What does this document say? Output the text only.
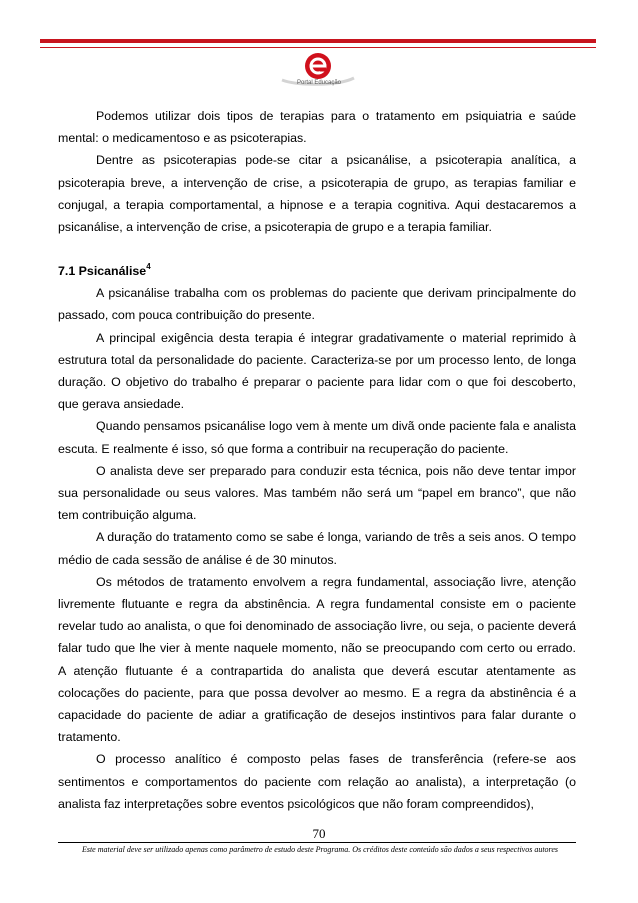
Portal Educação

Podemos utilizar dois tipos de terapias para o tratamento em psiquiatria e saúde mental: o medicamentoso e as psicoterapias.

Dentre as psicoterapias pode-se citar a psicanálise, a psicoterapia analítica, a psicoterapia breve, a intervenção de crise, a psicoterapia de grupo, as terapias familiar e conjugal, a terapia comportamental, a hipnose e a terapia cognitiva. Aqui destacaremos a psicanálise, a intervenção de crise, a psicoterapia de grupo e a terapia familiar.

7.1 Psicanálise$^4$

A psicanálise trabalha com os problemas do paciente que derivam principalmente do passado, com pouca contribuição do presente.

A principal exigência desta terapia é integrar gradativamente o material reprimido à estrutura total da personalidade do paciente. Caracteriza-se por um processo lento, de longa duração. O objetivo do trabalho é preparar o paciente para lidar com o que foi descoberto, que gerava ansiedade.

Quando pensamos psicanálise logo vem à mente um divã onde paciente fala e analista escuta. E realmente é isso, só que forma a contribuir na recuperação do paciente.

O analista deve ser preparado para conduzir esta técnica, pois não deve tentar impor sua personalidade ou seus valores. Mas também não será um “papel em branco”, que não tem contribuição alguma.

A duração do tratamento como se sabe é longa, variando de três a seis anos. O tempo médio de cada sessão de análise é de 30 minutos.

Os métodos de tratamento envolvem a regra fundamental, associação livre, atenção livremente flutuante e regra da abstinência. A regra fundamental consiste em o paciente revelar tudo ao analista, o que foi denominado de associação livre, ou seja, o paciente deverá falar tudo que lhe vier à mente naquele momento, não se preocupando com certo ou errado. A atenção flutuante é a contrapartida do analista que deverá escutar atentamente as colocações do paciente, para que possa devolver ao mesmo. E a regra da abstinência é a capacidade do paciente de adiar a gratificação de desejos instintivos para falar durante o tratamento.

O processo analítico é composto pelas fases de transferência (refere-se aos sentimentos e comportamentos do paciente com relação ao analista), a interpretação (o analista faz interpretações sobre eventos psicológicos que não foram compreendidos),

70
Este material deve ser utilizado apenas como parâmetro de estudo deste Programa. Os créditos deste conteúdo são dados a seus respectivos autores
